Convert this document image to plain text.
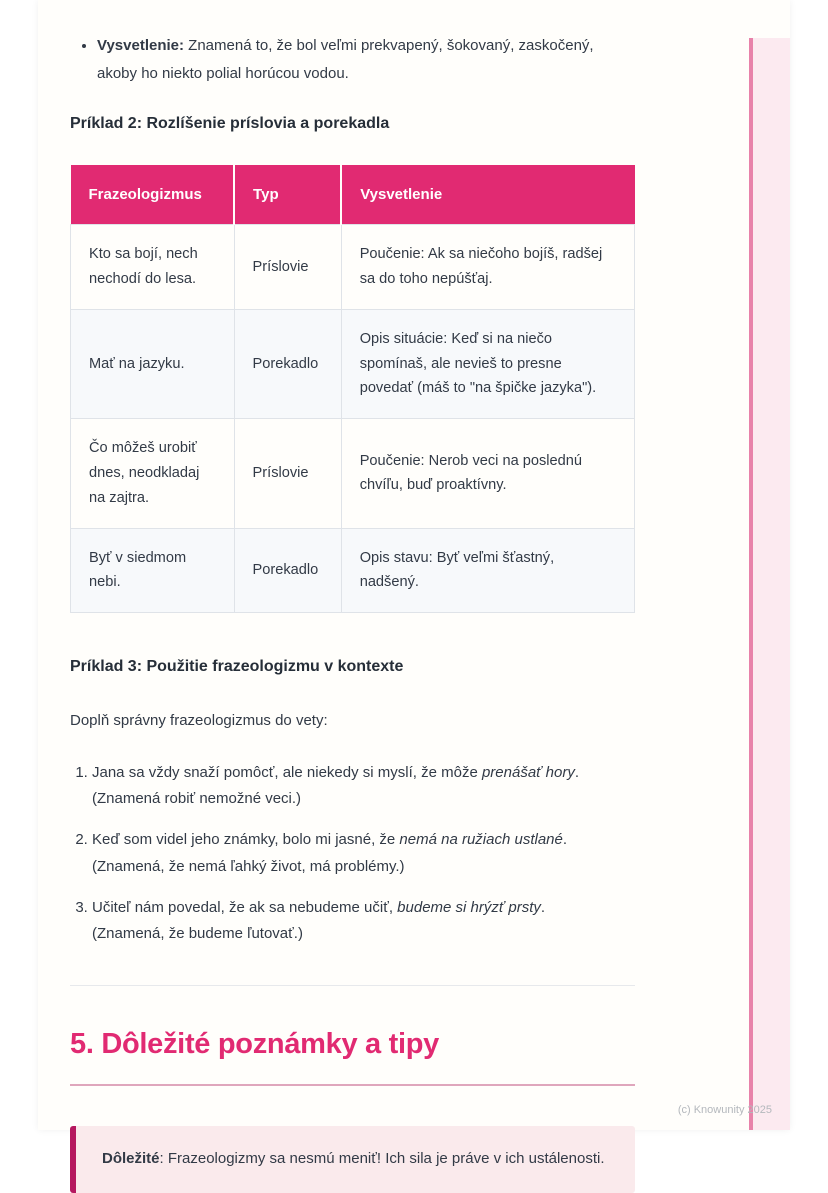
• Vysvetlenie: Znamená to, že bol veľmi prekvapený, šokovaný, zaskočený, akoby ho niekto polial horúcou vodou.

Príklad 2: Rozlíšenie príslovia a porekadla

Frazeologizmus	Typ	Vysvetlenie
Kto sa bojí, nech nechodí do lesa.	Príslovie	Poučenie: Ak sa niečoho bojíš, radšej sa do toho nepúšťaj.
Mať na jazyku.	Porekadlo	Opis situácie: Keď si na niečo spomínaš, ale nevieš to presne povedať (máš to "na špičke jazyka").
Čo môžeš urobiť dnes, neodkladaj na zajtra.	Príslovie	Poučenie: Nerob veci na poslednú chvíľu, buď proaktívny.
Byť v siedmom nebi.	Porekadlo	Opis stavu: Byť veľmi šťastný, nadšený.

Príklad 3: Použitie frazeologizmu v kontexte

Doplň správny frazeologizmus do vety:

1. Jana sa vždy snaží pomôcť, ale niekedy si myslí, že môže prenášať hory.
(Znamená robiť nemožné veci.)
2. Keď som videl jeho známky, bolo mi jasné, že nemá na ružiach ustlané.
(Znamená, že nemá ľahký život, má problémy.)
3. Učiteľ nám povedal, že ak sa nebudeme učiť, budeme si hrýzť prsty.
(Znamená, že budeme ľutovať.)
5. Dôležité poznámky a tipy
Dôležité: Frazeologizmy sa nesmú meniť! Ich sila je práve v ich ustálenosti.
(c) Knowunity 2025
